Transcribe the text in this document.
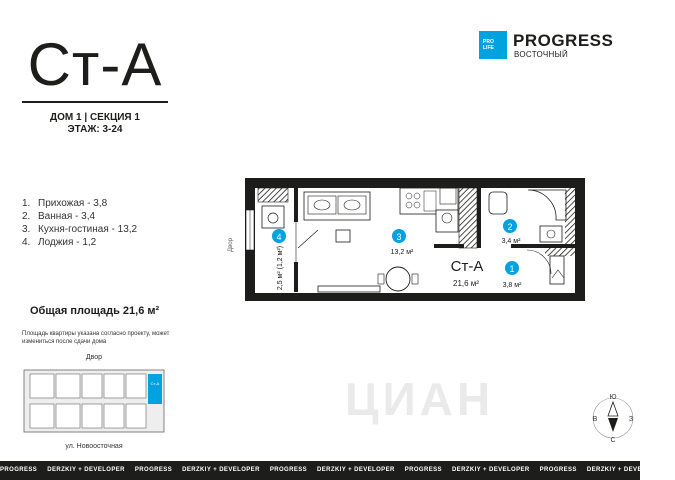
Ст-А
ДОМ 1 | СЕКЦИЯ 1
ЭТАЖ: 3-24
PRO
LIFE	PROGRESS
ВОСТОЧНЫЙ
1. Прихожая - 3,8
2. Ванная - 3,4
3. Кухня-гостиная - 13,2
4. Лоджия - 1,2
Общая площадь 21,6 м²
Площадь квартиры указана согласно проекту, может измениться после сдачи дома
ЦИАН
4	3
2
1
13,2 м²
3,4 м²
3,8 м²
2,5 м² (1,2 м²)	Ст-А
21,6 м²
Двор
Двор
ул. Новоосточная
Ст-А
Ю
С
В	З
PROGRESS DERZKIY + DEVELOPER PROGRESS DERZKIY + DEVELOPER PROGRESS DERZKIY + DEVELOPER PROGRESS DERZKIY + DEVELOPER PROGRESS DERZKIY + DEVELOPER
